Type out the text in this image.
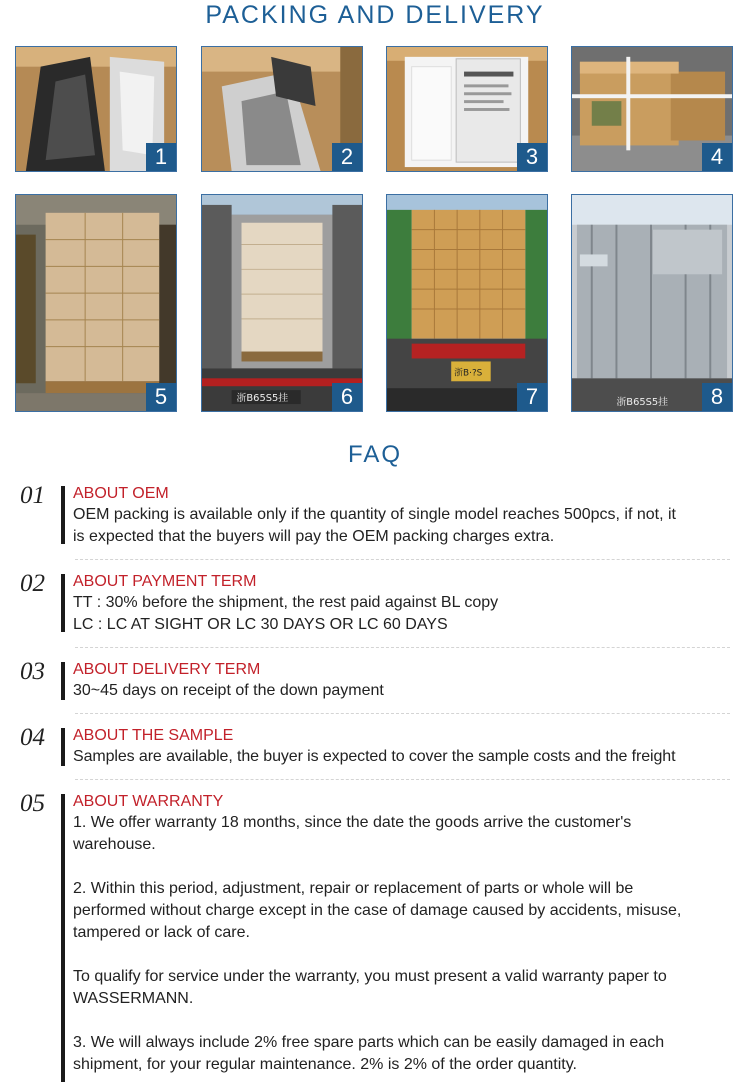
PACKING AND DELIVERY
1	2	3	4
5	浙B65S5挂	6
浙B·?S
7	浙B65S5挂	8
FAQ
01 ABOUT OEM

OEM packing is available only if the quantity of single model reaches 500pcs, if not, it

is expected that the buyers will pay the OEM packing charges extra.

02 ABOUT PAYMENT TERM

TT : 30% before the shipment, the rest paid against BL copy

LC : LC AT SIGHT OR LC 30 DAYS OR LC 60 DAYS

03 ABOUT DELIVERY TERM

30~45 days on receipt of the down payment

04 ABOUT THE SAMPLE

Samples are available, the buyer is expected to cover the sample costs and the freight

05 ABOUT WARRANTY

1. We offer warranty 18 months, since the date the goods arrive the customer's
warehouse.
2. Within this period, adjustment, repair or replacement of parts or whole will be
performed without charge except in the case of damage caused by accidents, misuse,
tampered or lack of care.
To qualify for service under the warranty, you must present a valid warranty paper to
WASSERMANN.
3. We will always include 2% free spare parts which can be easily damaged in each
shipment, for your regular maintenance. 2% is 2% of the order quantity.
